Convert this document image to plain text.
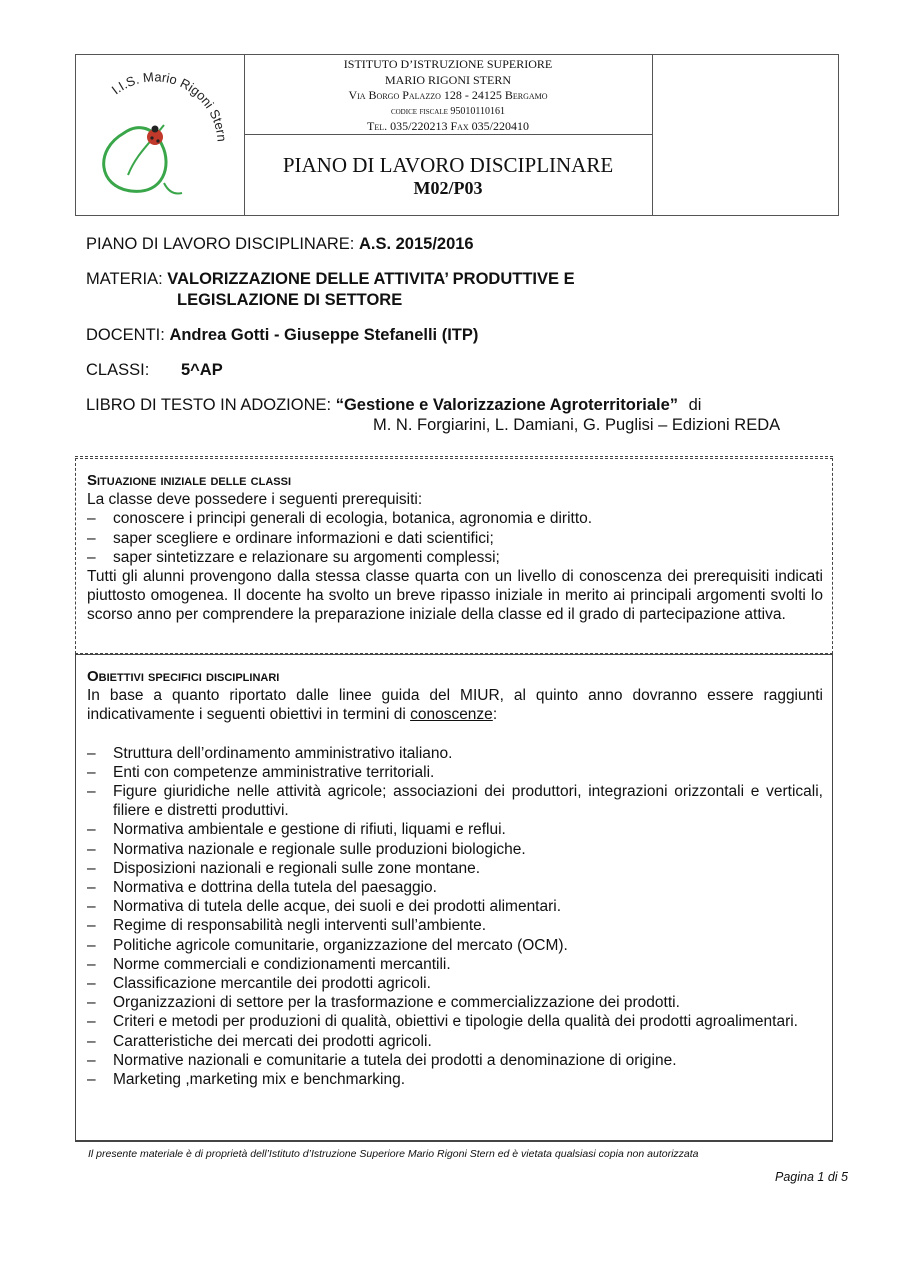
I.I.S. Mario Rigoni Stern
ISTITUTO D’ISTRUZIONE SUPERIORE
MARIO RIGONI STERN
Via Borgo Palazzo 128 - 24125 Bergamo
codice fiscale 95010110161
Tel. 035/220213 Fax 035/220410
PIANO DI LAVORO DISCIPLINARE
M02/P03
PIANO DI LAVORO DISCIPLINARE: A.S. 2015/2016
MATERIA: VALORIZZAZIONE DELLE ATTIVITA’ PRODUTTIVE E
LEGISLAZIONE DI SETTORE
DOCENTI: Andrea Gotti - Giuseppe Stefanelli (ITP)
CLASSI: 5^AP
LIBRO DI TESTO IN ADOZIONE: “Gestione e Valorizzazione Agroterritoriale” di
M. N. Forgiarini, L. Damiani, G. Puglisi – Edizioni REDA
Situazione iniziale delle classi
La classe deve possedere i seguenti prerequisiti:
– conoscere i principi generali di ecologia, botanica, agronomia e diritto.
– saper scegliere e ordinare informazioni e dati scientifici;
– saper sintetizzare e relazionare su argomenti complessi;
Tutti gli alunni provengono dalla stessa classe quarta con un livello di conoscenza dei prerequisiti indicati piuttosto omogenea. Il docente ha svolto un breve ripasso iniziale in merito ai principali argomenti svolti lo scorso anno per comprendere la preparazione iniziale della classe ed il grado di partecipazione attiva.
Obiettivi specifici disciplinari
In base a quanto riportato dalle linee guida del MIUR, al quinto anno dovranno essere raggiunti indicativamente i seguenti obiettivi in termini di conoscenze:
– Struttura dell’ordinamento amministrativo italiano.
– Enti con competenze amministrative territoriali.
– Figure giuridiche nelle attività agricole; associazioni dei produttori, integrazioni orizzontali e verticali, filiere e distretti produttivi.
– Normativa ambientale e gestione di rifiuti, liquami e reflui.
– Normativa nazionale e regionale sulle produzioni biologiche.
– Disposizioni nazionali e regionali sulle zone montane.
– Normativa e dottrina della tutela del paesaggio.
– Normativa di tutela delle acque, dei suoli e dei prodotti alimentari.
– Regime di responsabilità negli interventi sull’ambiente.
– Politiche agricole comunitarie, organizzazione del mercato (OCM).
– Norme commerciali e condizionamenti mercantili.
– Classificazione mercantile dei prodotti agricoli.
– Organizzazioni di settore per la trasformazione e commercializzazione dei prodotti.
– Criteri e metodi per produzioni di qualità, obiettivi e tipologie della qualità dei prodotti agroalimentari.
– Caratteristiche dei mercati dei prodotti agricoli.
– Normative nazionali e comunitarie a tutela dei prodotti a denominazione di origine.
– Marketing ,marketing mix e benchmarking.
Il presente materiale è di proprietà dell’Istituto d’Istruzione Superiore Mario Rigoni Stern ed è vietata qualsiasi copia non autorizzata
Pagina 1 di 5
